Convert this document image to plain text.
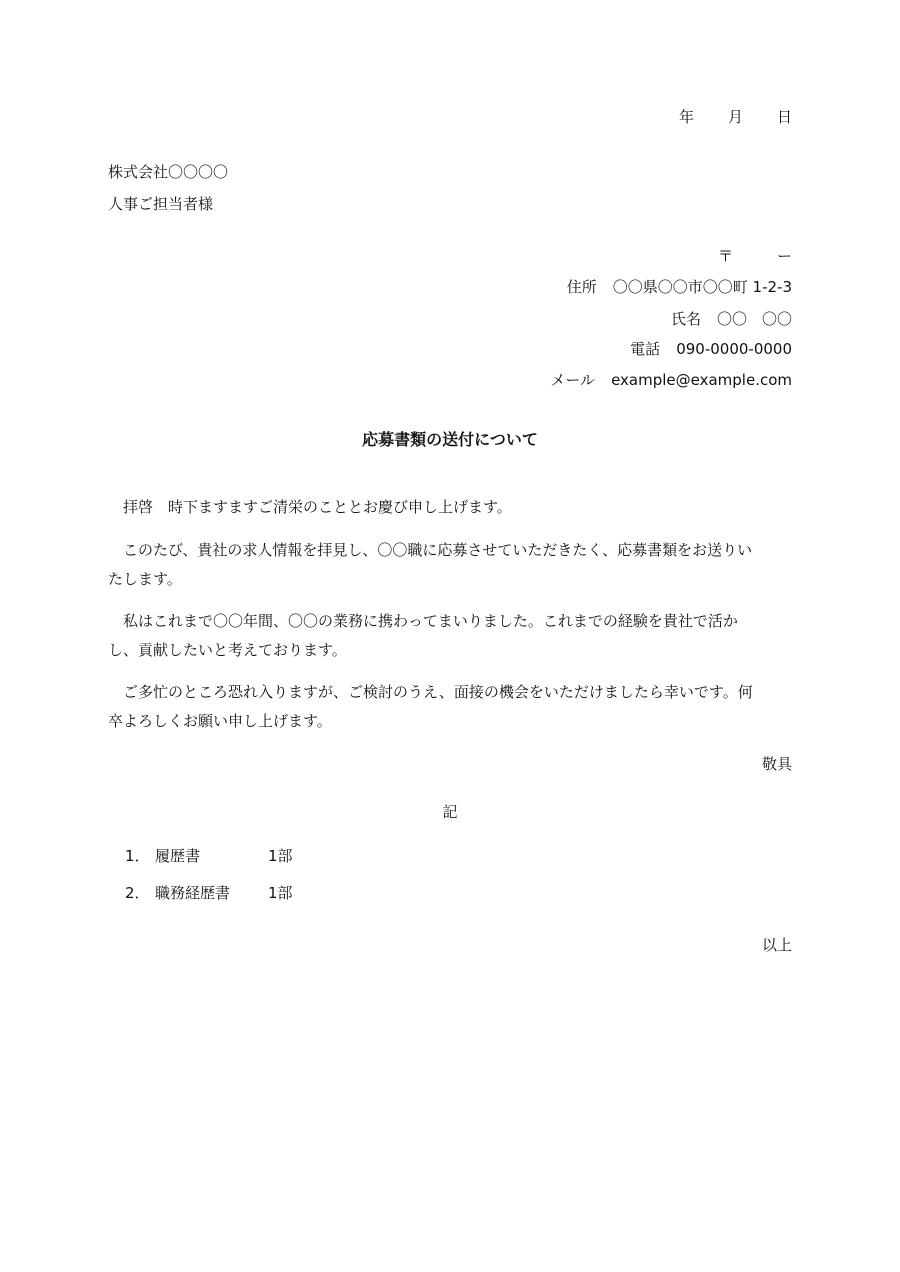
年 月 日
株式会社〇〇〇〇
人事ご担当者様
〒	ー
住所 〇〇県〇〇市〇〇町 1-2-3
氏名 〇〇　〇〇
電話 090-0000-0000
メール example@example.com
応募書類の送付について
拝啓　時下ますますご清栄のこととお慶び申し上げます。
このたび、貴社の求人情報を拝見し、〇〇職に応募させていただきたく、応募書類をお送りい
たします。
私はこれまで〇〇年間、〇〇の業務に携わってまいりました。これまでの経験を貴社で活か
し、貢献したいと考えております。
ご多忙のところ恐れ入りますが、ご検討のうえ、面接の機会をいただけましたら幸いです。何
卒よろしくお願い申し上げます。
敬具
記
1． 履歴書	1部
2． 職務経歴書	1部
以上
